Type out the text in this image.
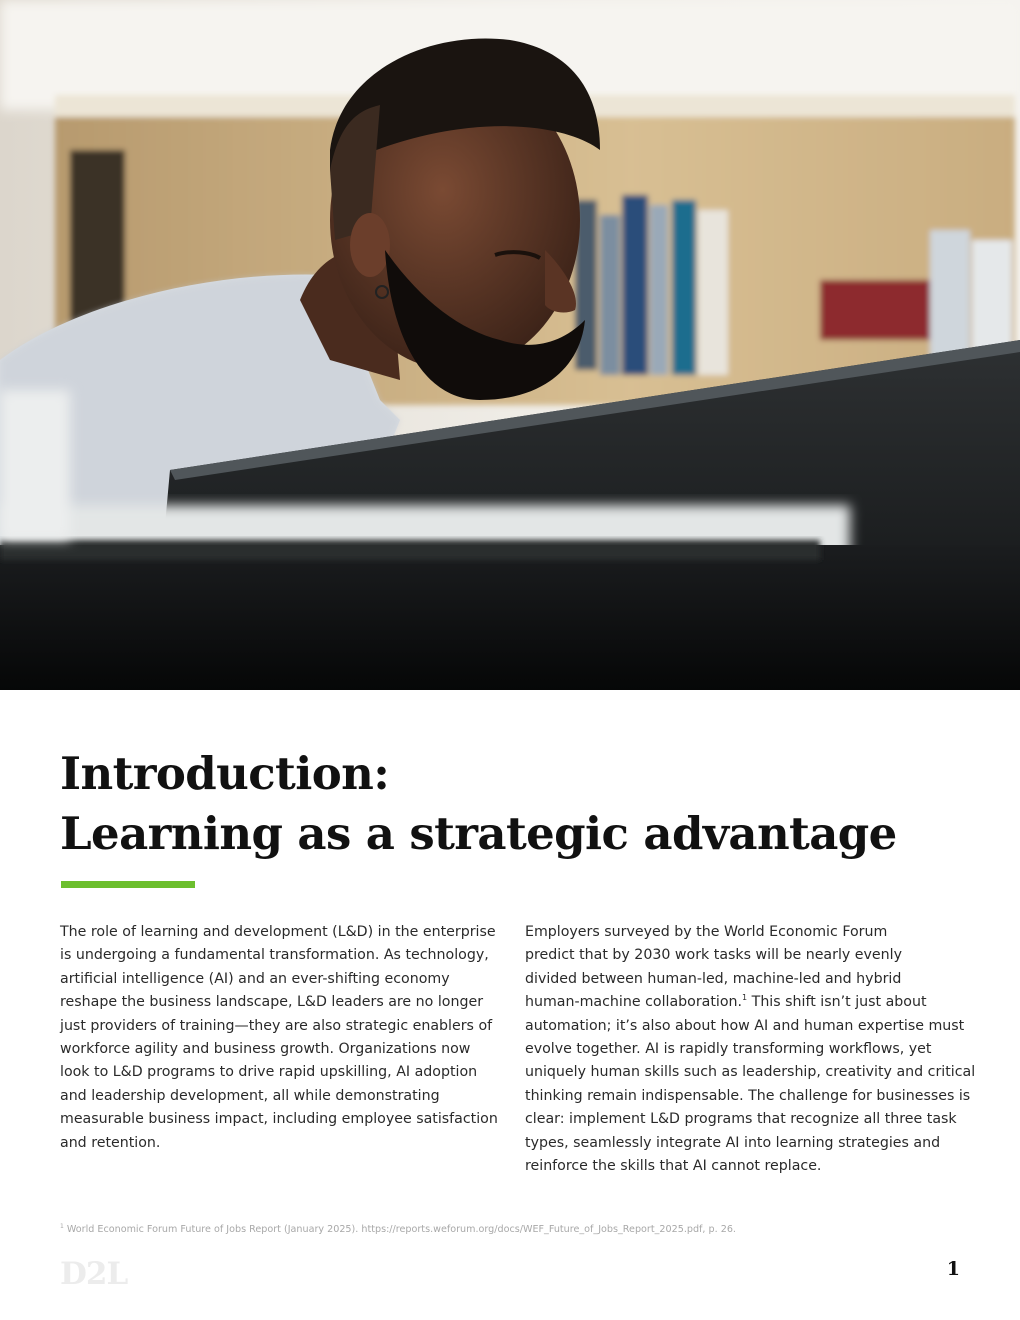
Introduction:
Learning as a strategic advantage

The role of learning and development (L&D) in the enterprise
is undergoing a fundamental transformation. As technology,
artificial intelligence (AI) and an ever-shifting economy
reshape the business landscape, L&D leaders are no longer
just providers of training—they are also strategic enablers of
workforce agility and business growth. Organizations now
look to L&D programs to drive rapid upskilling, AI adoption
and leadership development, all while demonstrating
measurable business impact, including employee satisfaction
and retention.

Employers surveyed by the World Economic Forum
predict that by 2030 work tasks will be nearly evenly
divided between human-led, machine-led and hybrid
human-machine collaboration.$^1$ This shift isn’t just about
automation; it’s also about how AI and human expertise must
evolve together. AI is rapidly transforming workflows, yet
uniquely human skills such as leadership, creativity and critical
thinking remain indispensable. The challenge for businesses is
clear: implement L&D programs that recognize all three task
types, seamlessly integrate AI into learning strategies and
reinforce the skills that AI cannot replace.

$^1$ World Economic Forum Future of Jobs Report (January 2025). https://reports.weforum.org/docs/WEF_Future_of_Jobs_Report_2025.pdf, p. 26.
D2L	1
